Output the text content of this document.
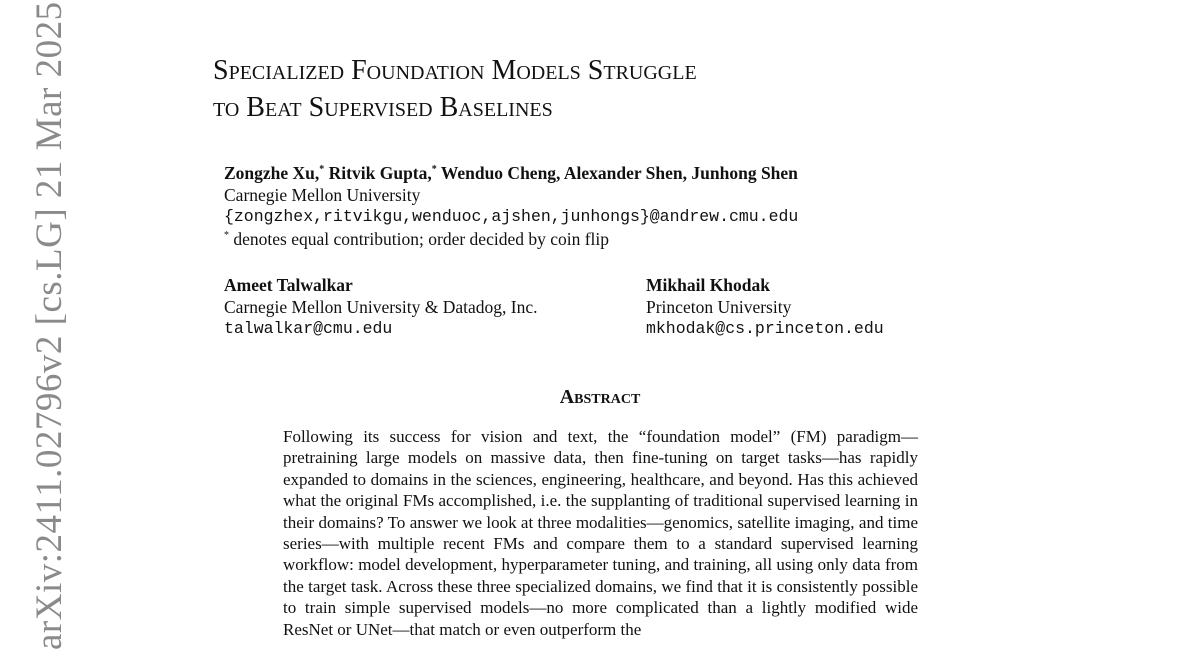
arXiv:2411.02796v2 [cs.LG] 21 Mar 2025	Specialized Foundation Models Struggle
to Beat Supervised Baselines
Zongzhe Xu,* Ritvik Gupta,* Wenduo Cheng, Alexander Shen, Junhong Shen
Carnegie Mellon University
{zongzhex,ritvikgu,wenduoc,ajshen,junhongs}@andrew.cmu.edu
* denotes equal contribution; order decided by coin flip
Ameet Talwalkar
Carnegie Mellon University & Datadog, Inc.
talwalkar@cmu.edu
Mikhail Khodak
Princeton University
mkhodak@cs.princeton.edu
Abstract

Following its success for vision and text, the “foundation model” (FM) paradigm—pretraining large models on massive data, then fine-tuning on target tasks—has rapidly expanded to domains in the sciences, engineering, healthcare, and beyond. Has this achieved what the original FMs accomplished, i.e. the supplanting of traditional supervised learning in their domains? To answer we look at three modalities—genomics, satellite imaging, and time series—with multiple recent FMs and compare them to a standard supervised learning workflow: model development, hyperparameter tuning, and training, all using only data from the target task. Across these three specialized domains, we find that it is consistently possible to train simple supervised models—no more complicated than a lightly modified wide ResNet or UNet—that match or even outperform the
